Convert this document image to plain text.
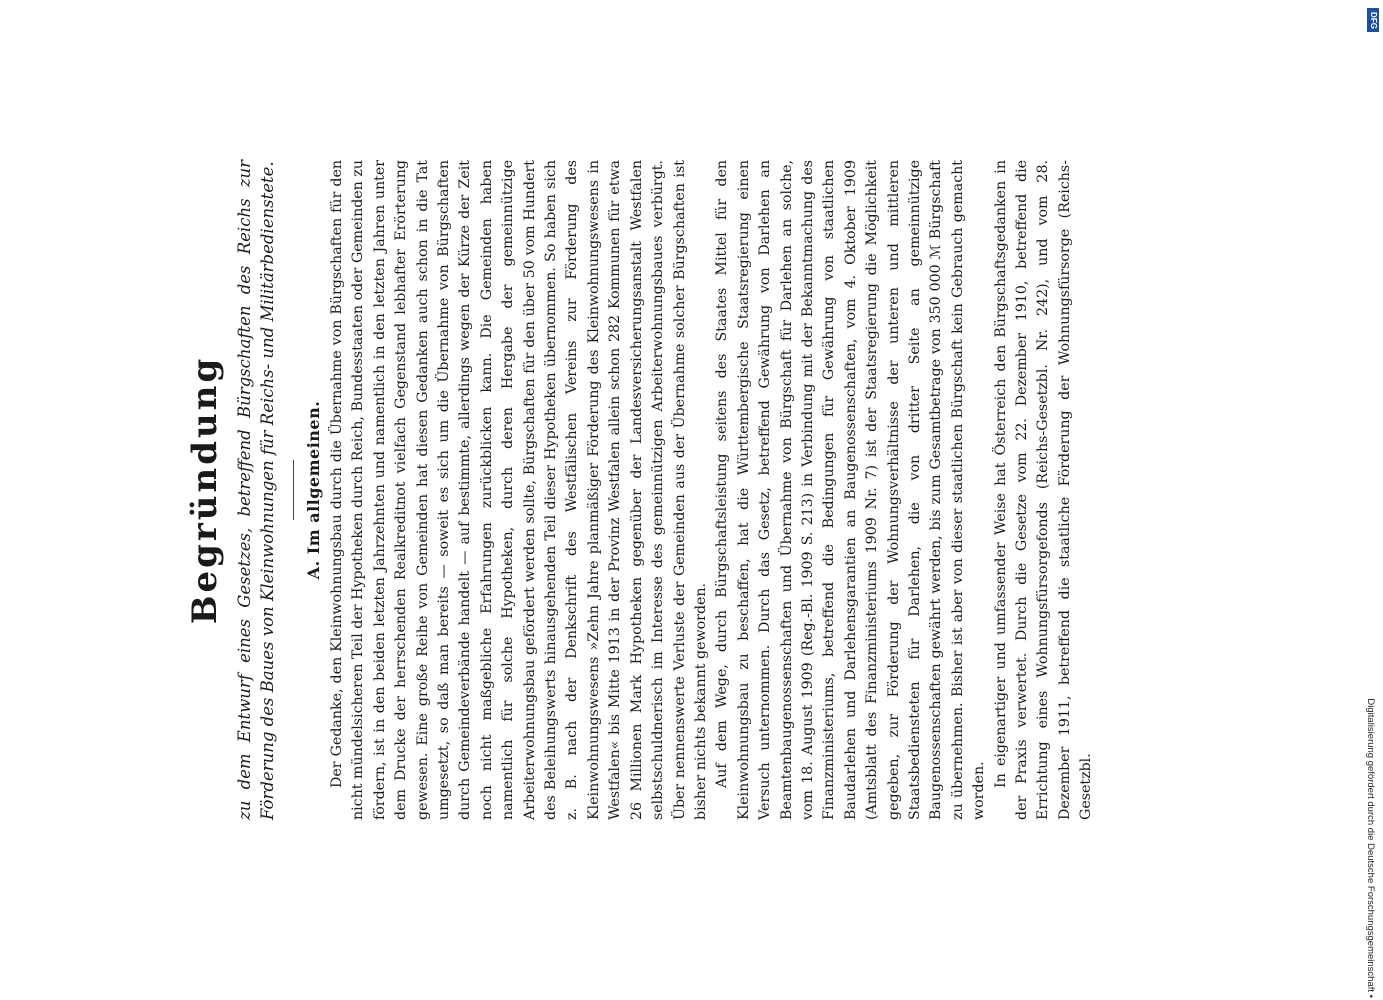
Begründung zu dem Entwurf eines Gesetzes, betreffend Bürgschaften des Reichs zur Förderung des Baues von Kleinwohnungen für Reichs- und Militärbedienstete. A. Im allgemeinen. Der Gedanke, den Kleinwohnungsbau durch die Übernahme von Bürgschaften für den nicht mündelsicheren Teil der Hypotheken durch Reich, Bundesstaaten oder Gemeinden zu fördern, ist in den beiden letzten Jahrzehnten und namentlich in den letzten Jahren unter dem Drucke der herrschenden Realkreditnot vielfach Gegenstand lebhafter Erörterung gewesen. Eine große Reihe von Gemeinden hat diesen Gedanken auch schon in die Tat umgesetzt, so daß man bereits — soweit es sich um die Übernahme von Bürgschaften durch Gemeindeverbände handelt — auf bestimmte, allerdings wegen der Kürze der Zeit noch nicht maßgebliche Erfahrungen zurückblicken kann. Die Gemeinden haben namentlich für solche Hypotheken, durch deren Hergabe der gemeinnützige Arbeiterwohnungsbau gefördert werden sollte, Bürgschaften für den über 50 vom Hundert des Beleihungswerts hinausgehenden Teil dieser Hypotheken übernommen. So haben sich z. B. nach der Denkschrift des Westfälischen Vereins zur Förderung des Kleinwohnungswesens »Zehn Jahre planmäßiger Förderung des Kleinwohnungswesens in Westfalen« bis Mitte 1913 in der Provinz Westfalen allein schon 282 Kommunen für etwa 26 Millionen Mark Hypotheken gegenüber der Landesversicherungsanstalt Westfalen selbstschuldnerisch im Interesse des gemeinnützigen Arbeiterwohnungsbaues verbürgt. Über nennenswerte Verluste der Gemeinden aus der Übernahme solcher Bürgschaften ist bisher nichts bekannt geworden. Auf dem Wege, durch Bürgschaftsleistung seitens des Staates Mittel für den Kleinwohnungsbau zu beschaffen, hat die Württembergische Staatsregierung einen Versuch unternommen. Durch das Gesetz, betreffend Gewährung von Darlehen an Beamtenbaugenossenschaften und Übernahme von Bürgschaft für Darlehen an solche, vom 18. August 1909 (Reg.-Bl. 1909 S. 213) in Verbindung mit der Bekanntmachung des Finanzministeriums, betreffend die Bedingungen für Gewährung von staatlichen Baudarlehen und Darlehensgarantien an Baugenossenschaften, vom 4. Oktober 1909 (Amtsblatt des Finanzministeriums 1909 Nr. 7) ist der Staatsregierung die Möglichkeit gegeben, zur Förderung der Wohnungsverhältnisse der unteren und mittleren Staatsbediensteten für Darlehen, die von dritter Seite an gemeinnützige Baugenossenschaften gewährt werden, bis zum Gesamtbetrage von 350 000 ℳ Bürgschaft zu übernehmen. Bisher ist aber von dieser staatlichen Bürgschaft kein Gebrauch gemacht worden.

In eigenartiger und umfassender Weise hat Österreich den Bürgschaftsgedanken in der Praxis verwertet. Durch die Gesetze vom 22. Dezember 1910, betreffend die Errichtung eines Wohnungsfürsorgefonds (Reichs-Gesetzbl. Nr. 242), und vom 28. Dezember 1911, betreffend die staatliche Förderung der Wohnungsfürsorge (Reichs-Gesetzbl.	Digitalisierung gefördert durch die Deutsche Forschungsgemeinschaft •
DFG
